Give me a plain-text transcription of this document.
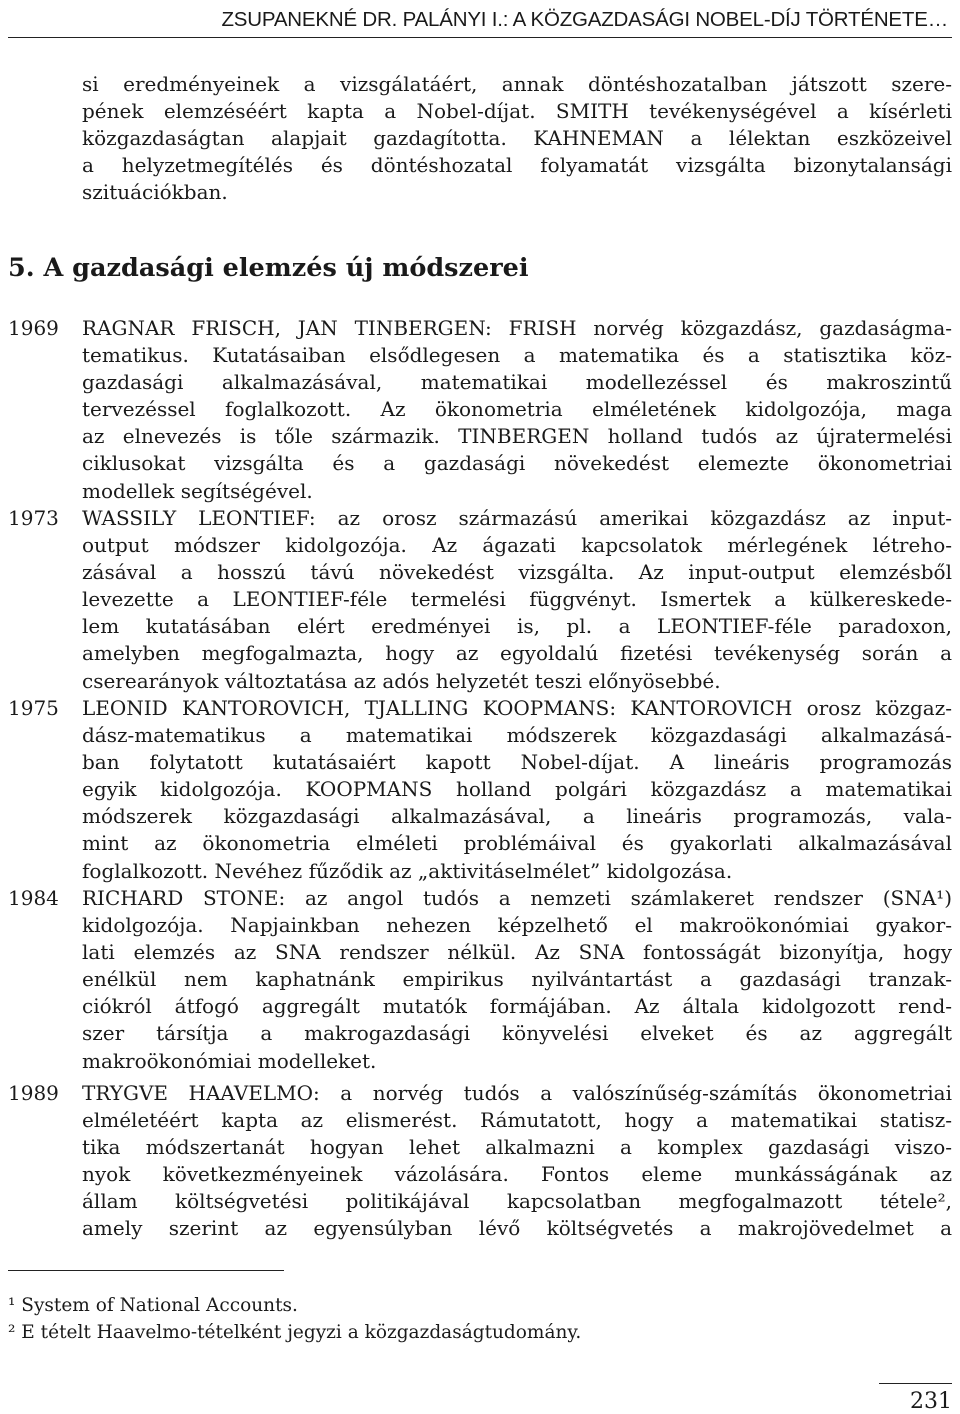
ZSUPANEKNÉ DR. PALÁNYI I.: A KÖZGAZDASÁGI NOBEL-DÍJ TÖRTÉNETE…
si eredményeinek a vizsgálatáért, annak döntéshozatalban játszott szere-
pének elemzéséért kapta a Nobel-díjat. SMITH tevékenységével a kísérleti
közgazdaságtan alapjait gazdagította. KAHNEMAN a lélektan eszközeivel
a helyzetmegítélés és döntéshozatal folyamatát vizsgálta bizonytalansági
szituációkban.
5. A gazdasági elemzés új módszerei
1969 RAGNAR FRISCH, JAN TINBERGEN: FRISH norvég közgazdász, gazdaságma-
tematikus. Kutatásaiban elsődlegesen a matematika és a statisztika köz-
gazdasági alkalmazásával, matematikai modellezéssel és makroszintű
tervezéssel foglalkozott. Az ökonometria elméletének kidolgozója, maga
az elnevezés is tőle származik. TINBERGEN holland tudós az újratermelési
ciklusokat vizsgálta és a gazdasági növekedést elemezte ökonometriai
modellek segítségével.
1973 WASSILY LEONTIEF: az orosz származású amerikai közgazdász az input-
output módszer kidolgozója. Az ágazati kapcsolatok mérlegének létreho-
zásával a hosszú távú növekedést vizsgálta. Az input-output elemzésből
levezette a LEONTIEF-féle termelési függvényt. Ismertek a külkereskede-
lem kutatásában elért eredményei is, pl. a LEONTIEF-féle paradoxon,
amelyben megfogalmazta, hogy az egyoldalú fizetési tevékenység során a
cserearányok változtatása az adós helyzetét teszi előnyösebbé.
1975 LEONID KANTOROVICH, TJALLING KOOPMANS: KANTOROVICH orosz közgaz-
dász-matematikus a matematikai módszerek közgazdasági alkalmazásá-
ban folytatott kutatásaiért kapott Nobel-díjat. A lineáris programozás
egyik kidolgozója. KOOPMANS holland polgári közgazdász a matematikai
módszerek közgazdasági alkalmazásával, a lineáris programozás, vala-
mint az ökonometria elméleti problémáival és gyakorlati alkalmazásával
foglalkozott. Nevéhez fűződik az „aktivitáselmélet” kidolgozása.
1984 RICHARD STONE: az angol tudós a nemzeti számlakeret rendszer (SNA¹)
kidolgozója. Napjainkban nehezen képzelhető el makroökonómiai gyakor-
lati elemzés az SNA rendszer nélkül. Az SNA fontosságát bizonyítja, hogy
enélkül nem kaphatnánk empirikus nyilvántartást a gazdasági tranzak-
ciókról átfogó aggregált mutatók formájában. Az általa kidolgozott rend-
szer társítja a makrogazdasági könyvelési elveket és az aggregált
makroökonómiai modelleket.
1989 TRYGVE HAAVELMO: a norvég tudós a valószínűség-számítás ökonometriai
elméletéért kapta az elismerést. Rámutatott, hogy a matematikai statisz-
tika módszertanát hogyan lehet alkalmazni a komplex gazdasági viszo-
nyok következményeinek vázolására. Fontos eleme munkásságának az
állam költségvetési politikájával kapcsolatban megfogalmazott tétele²,
amely szerint az egyensúlyban lévő költségvetés a makrojövedelmet a
¹ System of National Accounts.
² E tételt Haavelmo-tételként jegyzi a közgazdaságtudomány.
231
